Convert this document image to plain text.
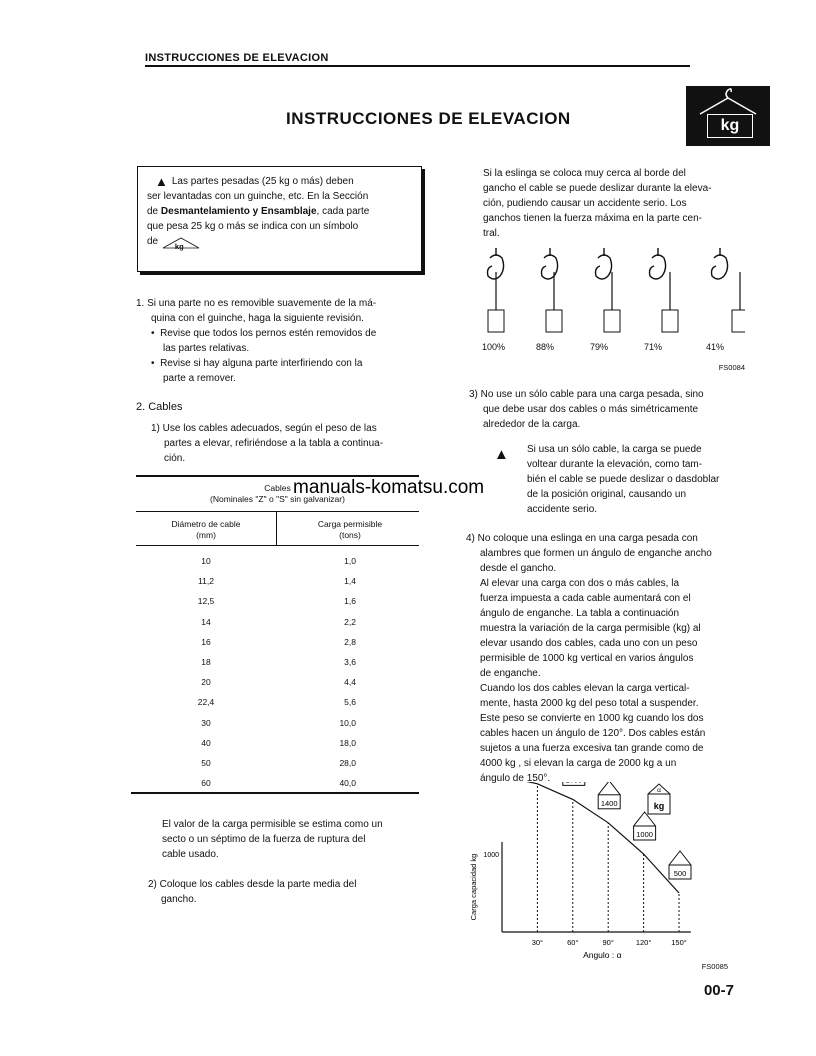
INSTRUCCIONES DE ELEVACION
INSTRUCCIONES DE ELEVACION	kg

▲ Las partes pesadas (25 kg o más) deben

ser levantadas con un guinche, etc. En la Sección

de Desmantelamiento y Ensamblaje, cada parte

que pesa 25 kg o más se indica con un símbolo

de kg

1. Si una parte no es removible suavemente de la má-

quina con el guinche, haga la siguiente revisión.

•  Revise que todos los pernos estén removidos de

las partes relativas.

•  Revise si hay alguna parte interfiriendo con la

parte a remover.

2. Cables

1) Use los cables adecuados, según el peso de las

partes a elevar, refiriéndose a la tabla a continua-

ción.

Cables
(Nominales "Z" o "S" sin galvanizar)
Diámetro de cable
(mm)
Carga permisible
(tons)
10	1,0
11,2	1,4
12,5	1,6
14	2,2
16	2,8
18	3,6
20	4,4
22,4	5,6
30	10,0
40	18,0
50	28,0
60	40,0

El valor de la carga permisible se estima como un

secto o un séptimo de la fuerza de ruptura del

cable usado.

2) Coloque los cables desde la parte media del

gancho.

Si la eslinga se coloca muy cerca al borde del

gancho el cable se puede deslizar durante la eleva-

ción, pudiendo causar un accidente serio. Los

ganchos tienen la fuerza máxima en la parte cen-

tral.

100%	88%	79%	71%	41%
FS0084

3) No use un sólo cable para una carga pesada, sino

que debe usar dos cables o más simétricamente

alrededor de la carga.

▲ Si usa un sólo cable, la carga se puede

voltear durante la elevación, como tam-

bién el cable se puede deslizar o dasdoblar

de la posición original, causando un

accidente serio.

manuals-komatsu.com

4) No coloque una eslinga en una carga pesada con

alambres que formen un ángulo de enganche ancho

desde el gancho.

Al elevar una carga con dos o más cables, la

fuerza impuesta a cada cable aumentará con el

ángulo de enganche. La tabla a continuación

muestra la variación de la carga permisible (kg) al

elevar usando dos cables, cada uno con un peso

permisible de 1000 kg vertical en varios ángulos

de enganche.

Cuando los dos cables elevan la carga vertical-

mente, hasta 2000 kg del peso total a suspender.

Este peso se convierte en 1000 kg cuando los dos

cables hacen un ángulo de 120°. Dos cables están

sujetos a una fuerza excesiva tan grande como de

4000 kg , si elevan la carga de 2000 kg a un

ángulo de 150°.

1400
1000
500
30°	60°	90°	120°	150°
1000
Angulo : α
Carga capacidad kg
α
kg
FS0085
00-7
